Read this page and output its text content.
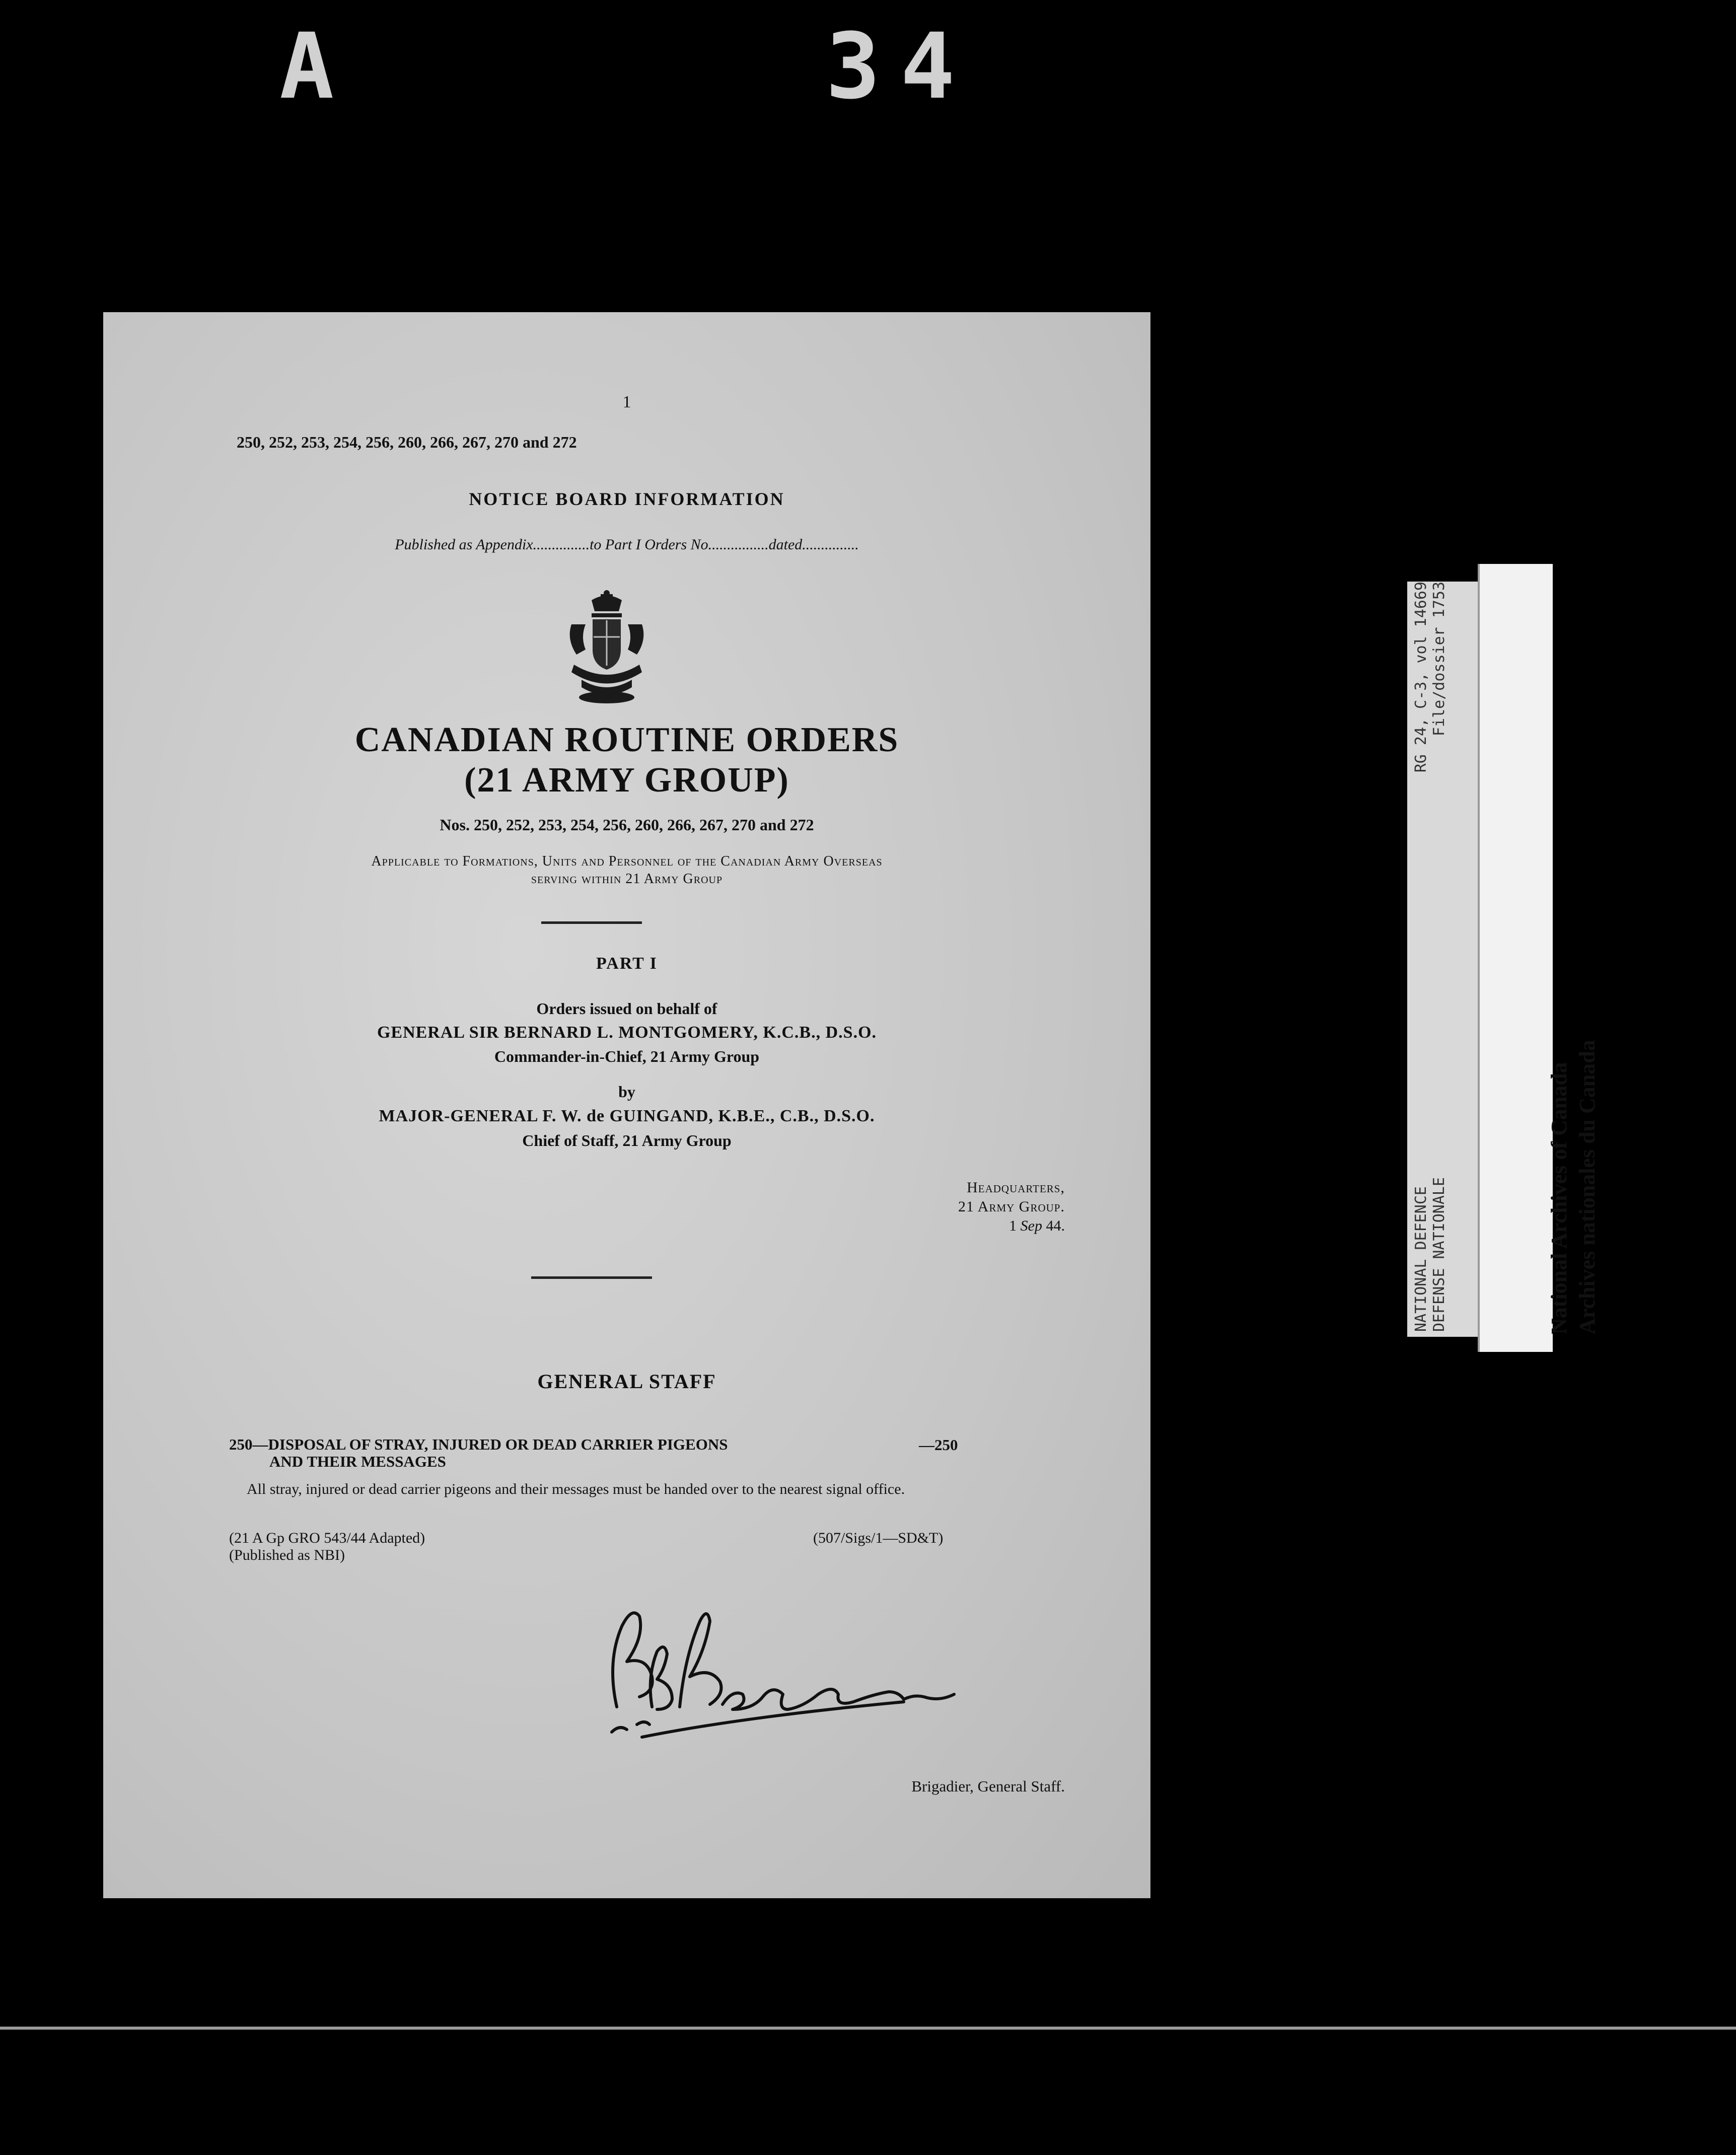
A	34
1
250, 252, 253, 254, 256, 260, 266, 267, 270 and 272
NOTICE BOARD INFORMATION
Published as Appendix...............to Part I Orders No................dated...............
CANADIAN ROUTINE ORDERS
(21 ARMY GROUP)
Nos. 250, 252, 253, 254, 256, 260, 266, 267, 270 and 272
Applicable to Formations, Units and Personnel of the Canadian Army Overseas
serving within 21 Army Group
PART I
Orders issued on behalf of
GENERAL SIR BERNARD L. MONTGOMERY, K.C.B., D.S.O.
Commander-in-Chief, 21 Army Group
by
MAJOR-GENERAL F. W. de GUINGAND, K.B.E., C.B., D.S.O.
Chief of Staff, 21 Army Group
Headquarters,
21 Army Group.
1 Sep 44.
GENERAL STAFF
250—DISPOSAL OF STRAY, INJURED OR DEAD CARRIER PIGEONS
AND THEIR MESSAGES
—250
All stray, injured or dead carrier pigeons and their messages must be handed over to the nearest signal office.
(21 A Gp GRO 543/44 Adapted)
(Published as NBI)
(507/Sigs/1—SD&T)
Brigadier, General Staff.
NATIONAL DEFENCE
RG 24, C-3, vol 14669
DEFENSE NATIONALE
File/dossier 1753
National Archives of Canada Archives nationales du Canada
